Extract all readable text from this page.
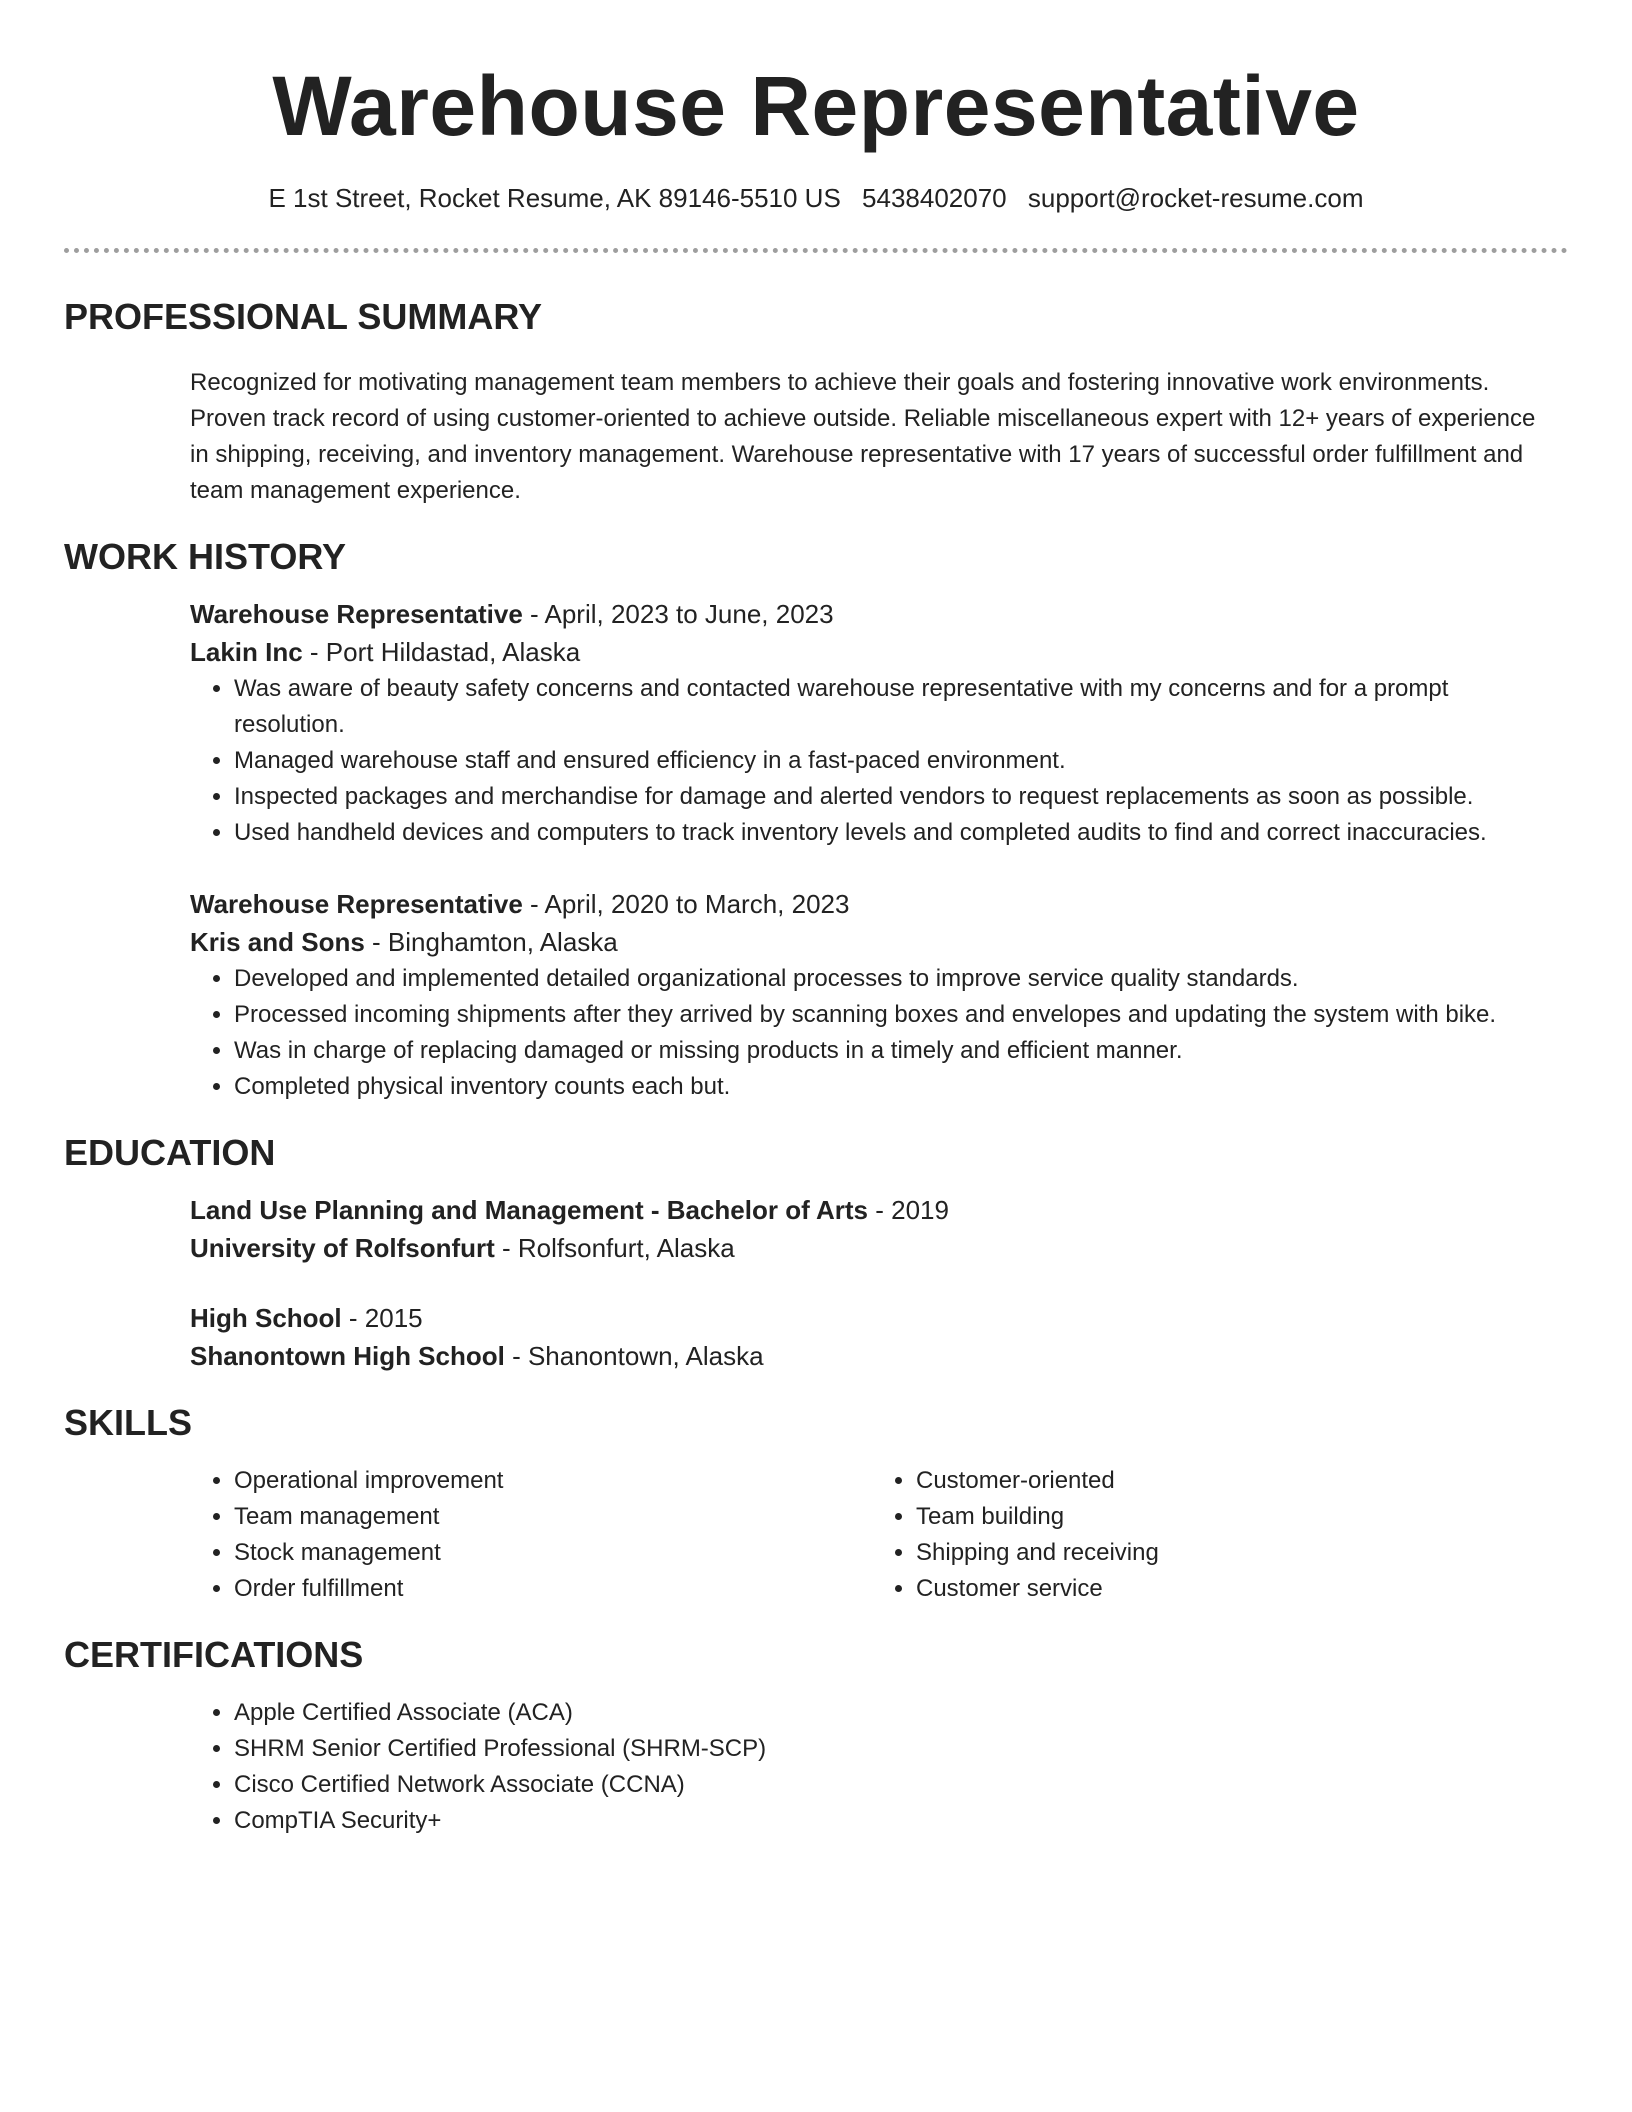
Warehouse Representative
E 1st Street, Rocket Resume, AK 89146-5510 US 5438402070 support@rocket-resume.com
PROFESSIONAL SUMMARY

Recognized for motivating management team members to achieve their goals and fostering innovative work environments. Proven track record of using customer-oriented to achieve outside. Reliable miscellaneous expert with 12+ years of experience in shipping, receiving, and inventory management. Warehouse representative with 17 years of successful order fulfillment and team management experience.

WORK HISTORY
Warehouse Representative - April, 2023 to June, 2023
Lakin Inc - Port Hildastad, Alaska
• Was aware of beauty safety concerns and contacted warehouse representative with my concerns and for a prompt resolution.
• Managed warehouse staff and ensured efficiency in a fast-paced environment.
• Inspected packages and merchandise for damage and alerted vendors to request replacements as soon as possible.
• Used handheld devices and computers to track inventory levels and completed audits to find and correct inaccuracies.
Warehouse Representative - April, 2020 to March, 2023
Kris and Sons - Binghamton, Alaska
• Developed and implemented detailed organizational processes to improve service quality standards.
• Processed incoming shipments after they arrived by scanning boxes and envelopes and updating the system with bike.
• Was in charge of replacing damaged or missing products in a timely and efficient manner.
• Completed physical inventory counts each but.
EDUCATION
Land Use Planning and Management - Bachelor of Arts - 2019
University of Rolfsonfurt - Rolfsonfurt, Alaska
High School - 2015
Shanontown High School - Shanontown, Alaska
SKILLS
• Operational improvement
• Team management
• Stock management
• Order fulfillment
• Customer-oriented
• Team building
• Shipping and receiving
• Customer service
CERTIFICATIONS
• Apple Certified Associate (ACA)
• SHRM Senior Certified Professional (SHRM-SCP)
• Cisco Certified Network Associate (CCNA)
• CompTIA Security+
